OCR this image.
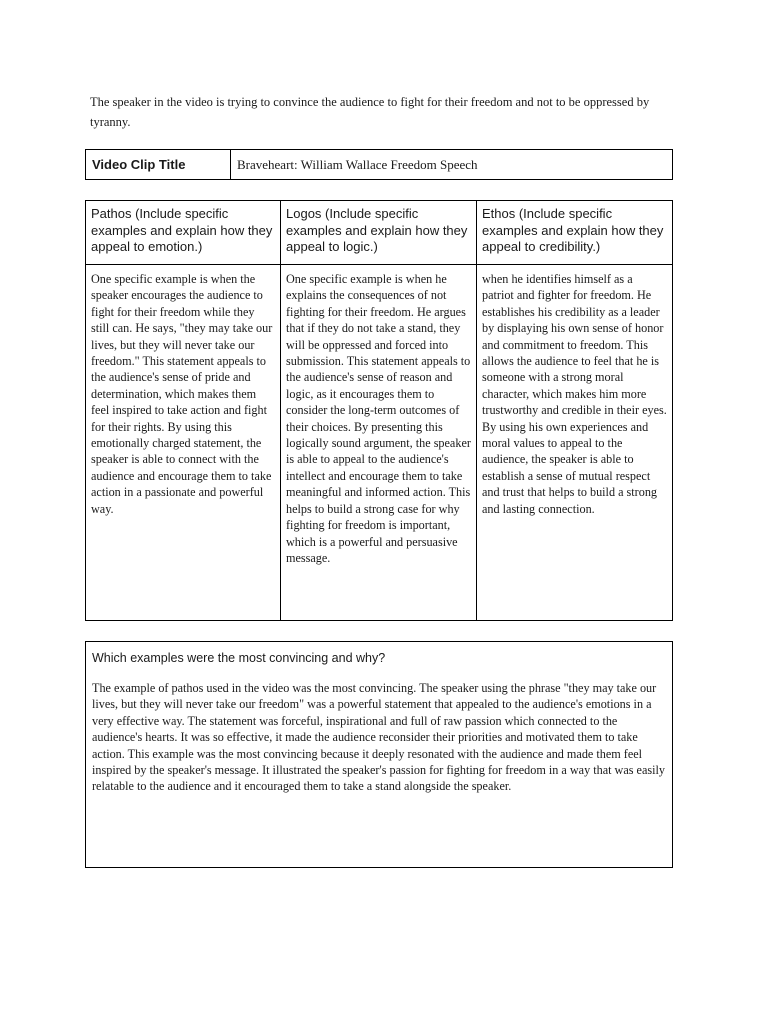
The speaker in the video is trying to convince the audience to fight for their freedom and not to be oppressed by tyranny.
Video Clip Title	Braveheart: William Wallace Freedom Speech
Pathos (Include specific examples and explain how they appeal to emotion.)
Logos (Include specific examples and explain how they appeal to logic.)
Ethos (Include specific examples and explain how they appeal to credibility.)
One specific example is when the speaker encourages the audience to fight for their freedom while they still can. He says, "they may take our lives, but they will never take our freedom." This statement appeals to the audience's sense of pride and determination, which makes them feel inspired to take action and fight for their rights. By using this emotionally charged statement, the speaker is able to connect with the audience and encourage them to take action in a passionate and powerful way.
One specific example is when he explains the consequences of not fighting for their freedom. He argues that if they do not take a stand, they will be oppressed and forced into submission. This statement appeals to the audience's sense of reason and logic, as it encourages them to consider the long-term outcomes of their choices. By presenting this logically sound argument, the speaker is able to appeal to the audience's intellect and encourage them to take meaningful and informed action. This helps to build a strong case for why fighting for freedom is important, which is a powerful and persuasive message.
when he identifies himself as a patriot and fighter for freedom. He establishes his credibility as a leader by displaying his own sense of honor and commitment to freedom. This allows the audience to feel that he is someone with a strong moral character, which makes him more trustworthy and credible in their eyes. By using his own experiences and moral values to appeal to the audience, the speaker is able to establish a sense of mutual respect and trust that helps to build a strong and lasting connection.
Which examples were the most convincing and why?
The example of pathos used in the video was the most convincing. The speaker using the phrase "they may take our lives, but they will never take our freedom" was a powerful statement that appealed to the audience's emotions in a very effective way. The statement was forceful, inspirational and full of raw passion which connected to the audience's hearts. It was so effective, it made the audience reconsider their priorities and motivated them to take action. This example was the most convincing because it deeply resonated with the audience and made them feel inspired by the speaker's message. It illustrated the speaker's passion for fighting for freedom in a way that was easily relatable to the audience and it encouraged them to take a stand alongside the speaker.
